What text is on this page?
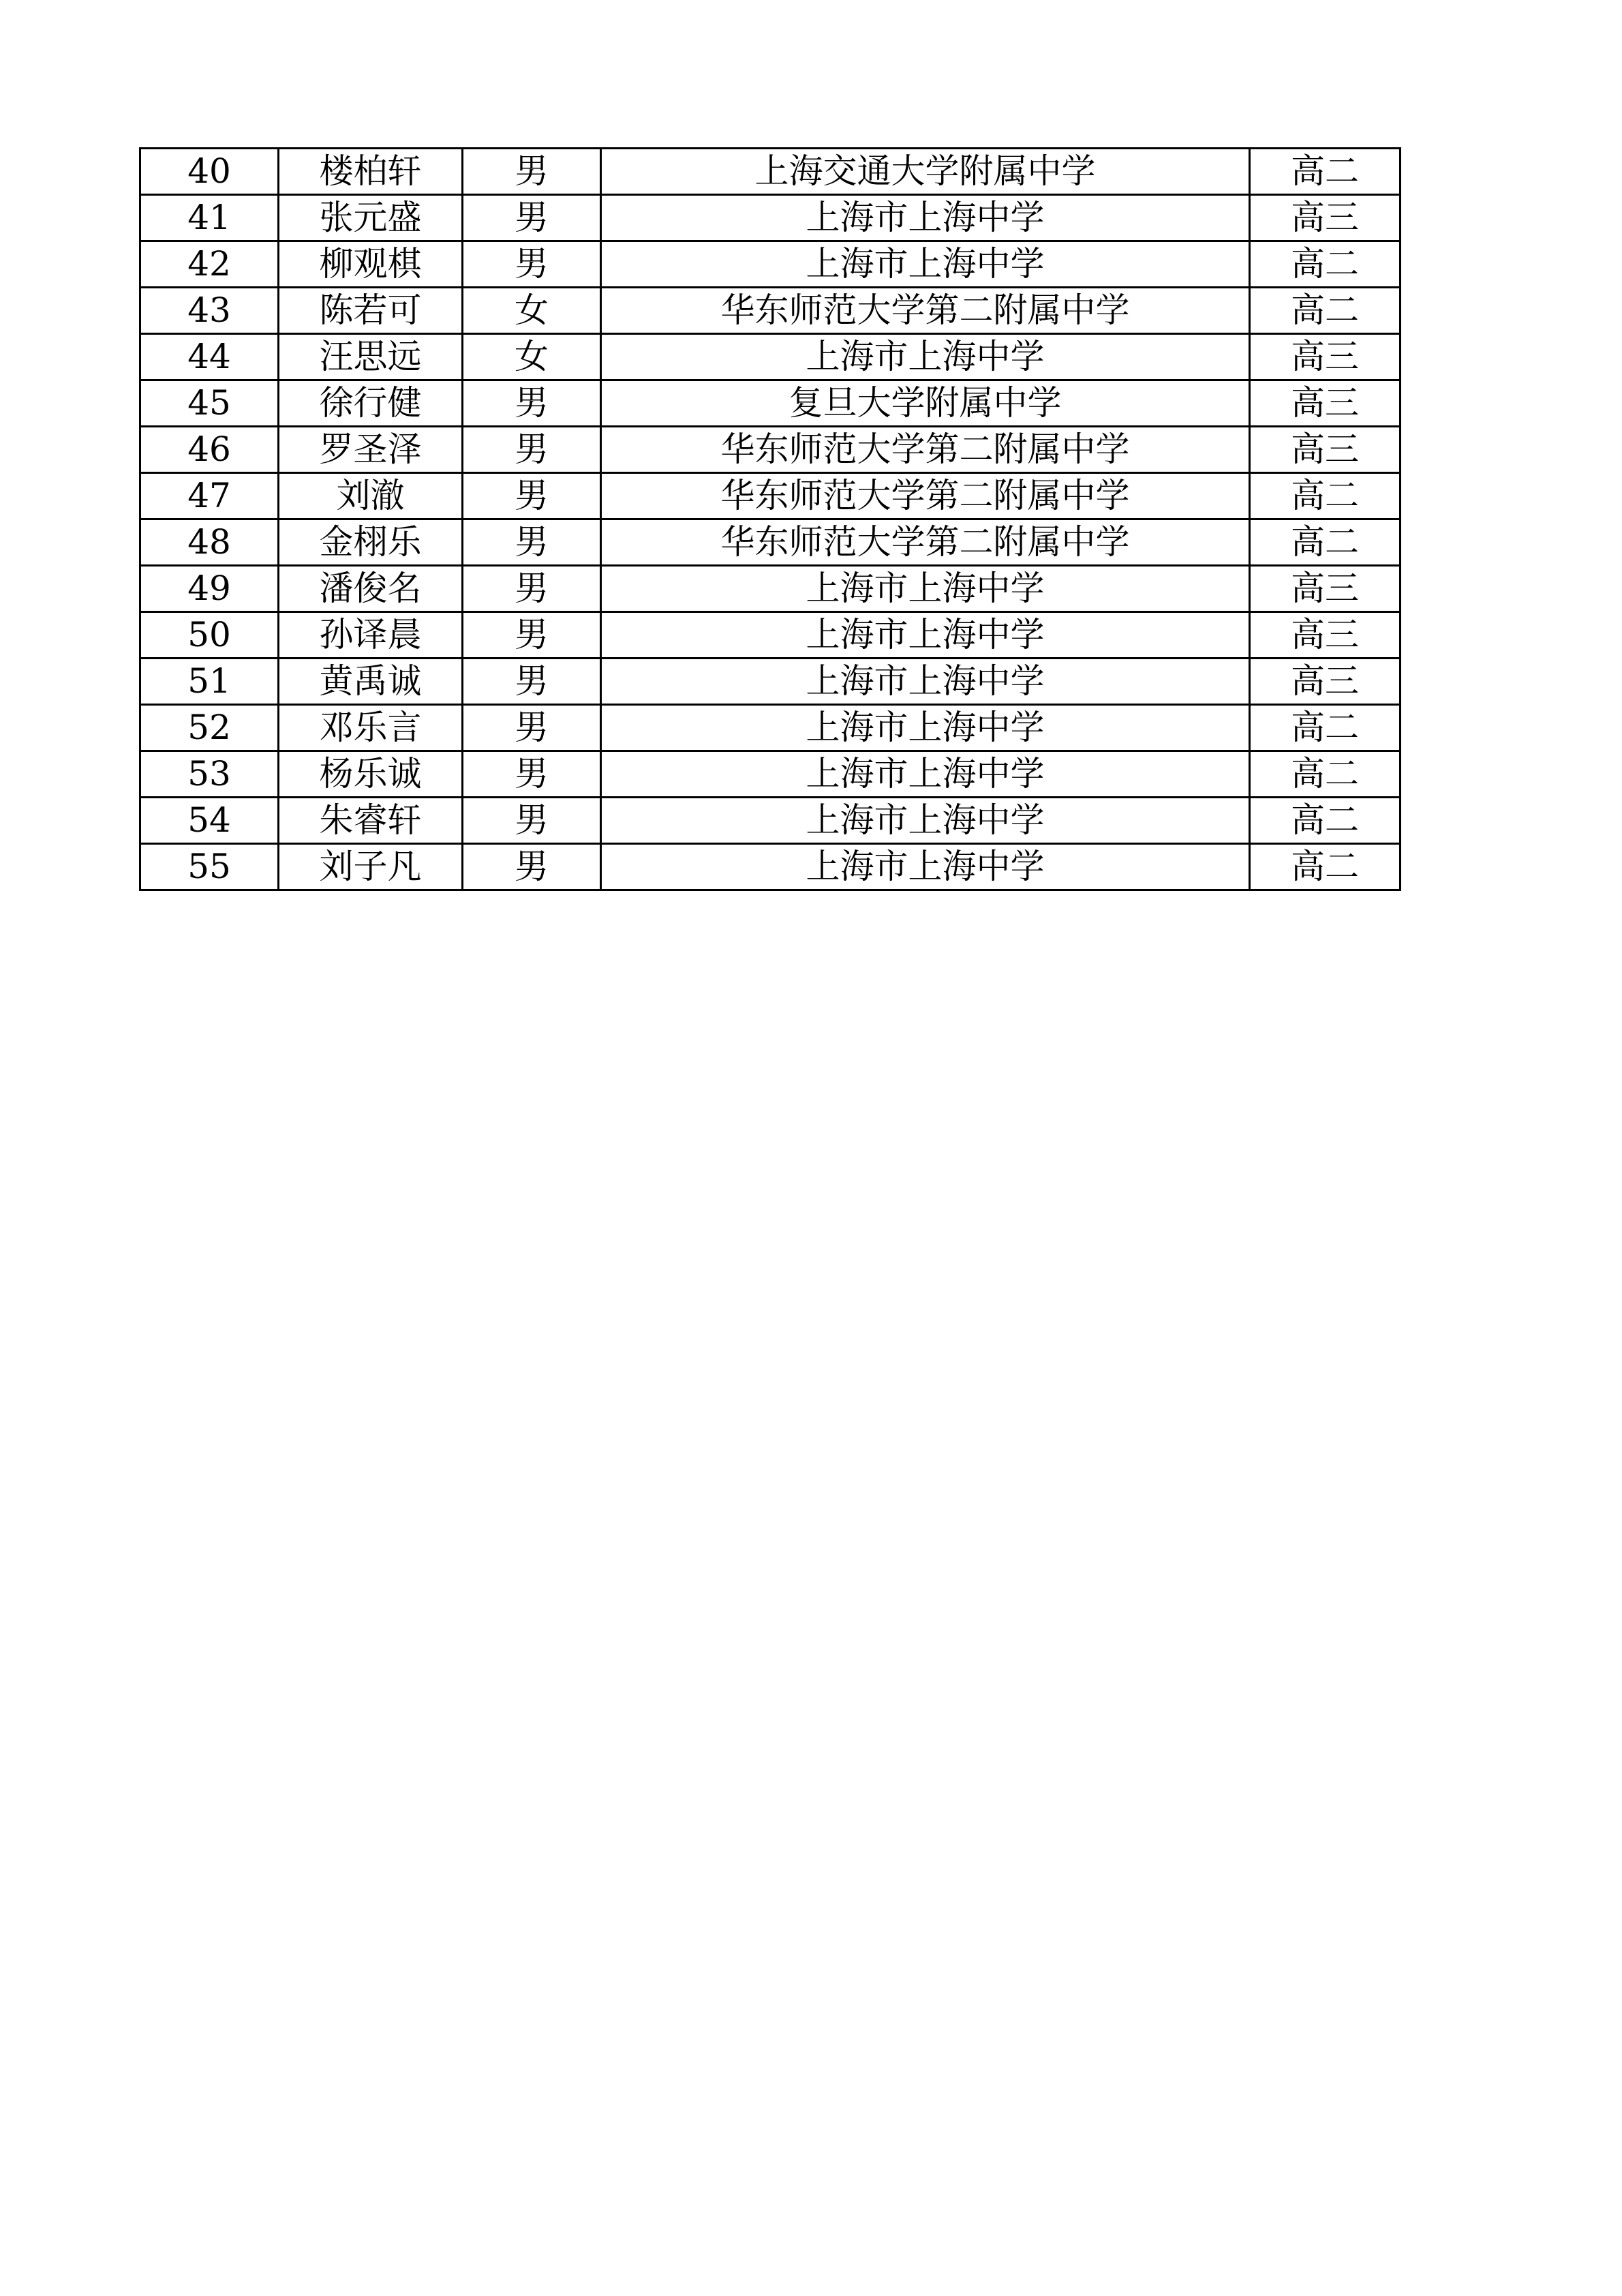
40	楼柏轩	男	上海交通大学附属中学	高二
41	张元盛	男	上海市上海中学	高三
42	柳观棋	男	上海市上海中学	高二
43	陈若可	女	华东师范大学第二附属中学	高二
44	汪思远	女	上海市上海中学	高三
45	徐行健	男	复旦大学附属中学	高三
46	罗圣泽	男	华东师范大学第二附属中学	高三
47	刘澈	男	华东师范大学第二附属中学	高二
48	金栩乐	男	华东师范大学第二附属中学	高二
49	潘俊名	男	上海市上海中学	高三
50	孙译晨	男	上海市上海中学	高三
51	黄禹诚	男	上海市上海中学	高三
52	邓乐言	男	上海市上海中学	高二
53	杨乐诚	男	上海市上海中学	高二
54	朱睿轩	男	上海市上海中学	高二
55	刘子凡	男	上海市上海中学	高二
